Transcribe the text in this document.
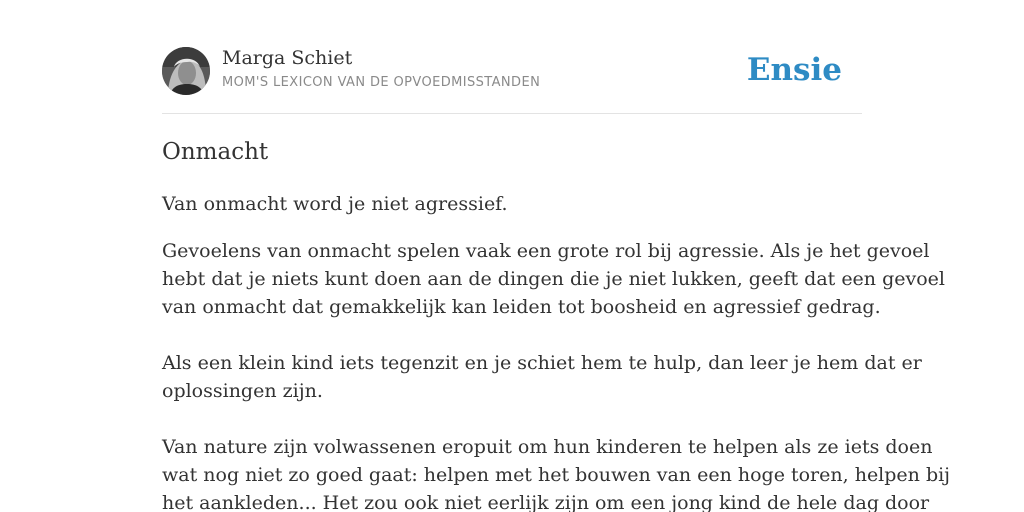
Marga Schiet
MOM'S LEXICON VAN DE OPVOEDMISSTANDEN	Ensie
Onmacht

Van onmacht word je niet agressief.

Gevoelens van onmacht spelen vaak een grote rol bij agressie. Als je het gevoel
hebt dat je niets kunt doen aan de dingen die je niet lukken, geeft dat een gevoel
van onmacht dat gemakkelijk kan leiden tot boosheid en agressief gedrag.

Als een klein kind iets tegenzit en je schiet hem te hulp, dan leer je hem dat er
oplossingen zijn.

Van nature zijn volwassenen eropuit om hun kinderen te helpen als ze iets doen
wat nog niet zo goed gaat: helpen met het bouwen van een hoge toren, helpen bij
het aankleden... Het zou ook niet eerlijk zijn om een jong kind de hele dag door
